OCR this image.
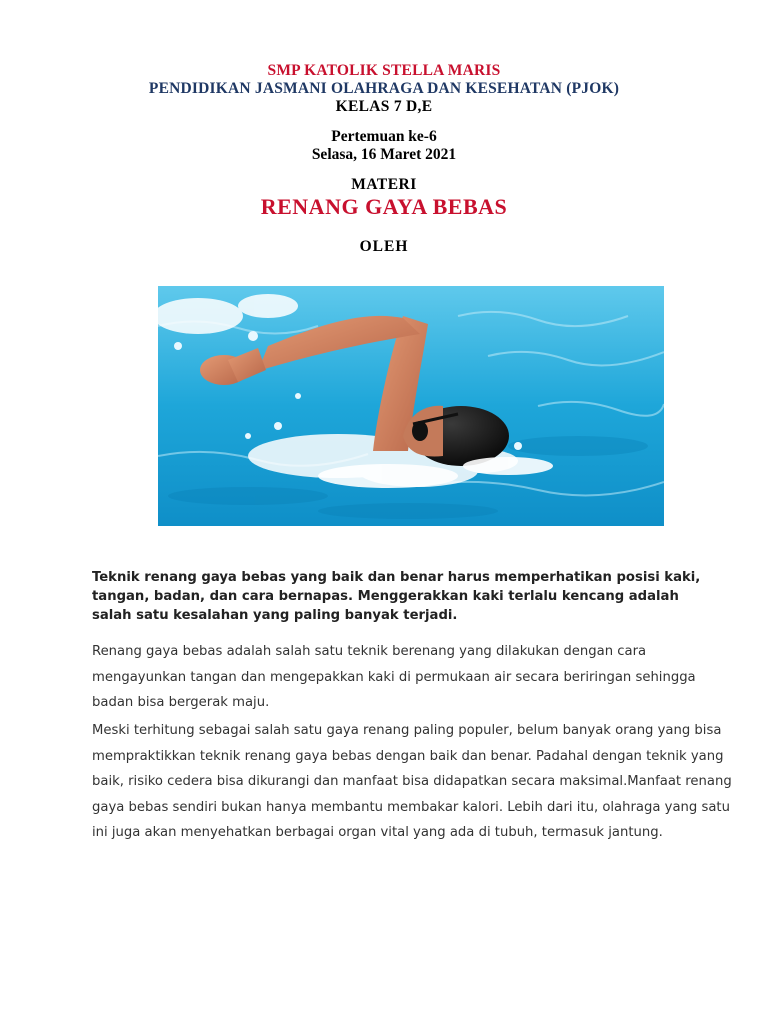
SMP KATOLIK STELLA MARIS
PENDIDIKAN JASMANI OLAHRAGA DAN KESEHATAN (PJOK)
KELAS 7 D,E
Pertemuan ke-6
Selasa, 16 Maret 2021
MATERI
RENANG GAYA BEBAS
OLEH
Teknik renang gaya bebas yang baik dan benar harus memperhatikan posisi kaki, tangan, badan, dan cara bernapas. Menggerakkan kaki terlalu kencang adalah salah satu kesalahan yang paling banyak terjadi.
Renang gaya bebas adalah salah satu teknik berenang yang dilakukan dengan cara mengayunkan tangan dan mengepakkan kaki di permukaan air secara beriringan sehingga badan bisa bergerak maju.
Meski terhitung sebagai salah satu gaya renang paling populer, belum banyak orang yang bisa mempraktikkan teknik renang gaya bebas dengan baik dan benar. Padahal dengan teknik yang baik, risiko cedera bisa dikurangi dan manfaat bisa didapatkan secara maksimal.Manfaat renang gaya bebas sendiri bukan hanya membantu membakar kalori. Lebih dari itu, olahraga yang satu ini juga akan menyehatkan berbagai organ vital yang ada di tubuh, termasuk jantung.
